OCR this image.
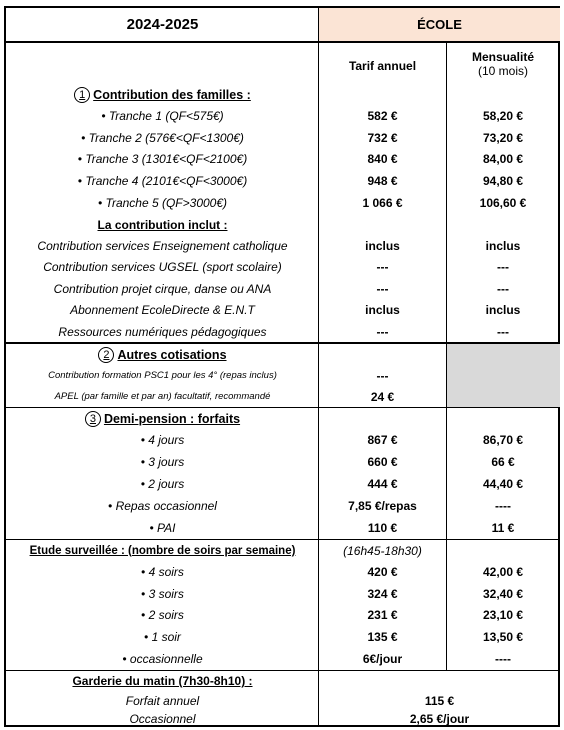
2024-2025	ÉCOLE
Tarif annuel
Mensualité
(10 mois)
1 Contribution des familles :
La contribution inclut :
2 Autres cotisations
3 Demi-pension : forfaits
Etude surveillée : (nombre de soirs par semaine)	(16h45-18h30)
Garderie du matin (7h30-8h10) :
• Tranche 1 (QF<575€)	582 €	58,20 €
• Tranche 2 (576€<QF<1300€)	732 €	73,20 €
• Tranche 3 (1301€<QF<2100€)	840 €	84,00 €
• Tranche 4 (2101€<QF<3000€)	948 €	94,80 €
• Tranche 5 (QF>3000€)	1 066 €	106,60 €
Contribution services Enseignement catholique	inclus	inclus
Contribution services UGSEL (sport scolaire)	---	---
Contribution projet cirque, danse ou ANA	---	---
Abonnement EcoleDirecte & E.N.T	inclus	inclus
Ressources numériques pédagogiques	---	---
Contribution formation PSC1 pour les 4° (repas inclus)	---
APEL (par famille et par an) facultatif, recommandé	24 €
• 4 jours	867 €	86,70 €
• 3 jours	660 €	66 €
• 2 jours	444 €	44,40 €
• Repas occasionnel	7,85 €/repas	----
• PAI	110 €	11 €
• 4 soirs	420 €	42,00 €
• 3 soirs	324 €	32,40 €
• 2 soirs	231 €	23,10 €
• 1 soir	135 €	13,50 €
• occasionnelle	6€/jour	----
Forfait annuel	115 €
Occasionnel	2,65 €/jour
